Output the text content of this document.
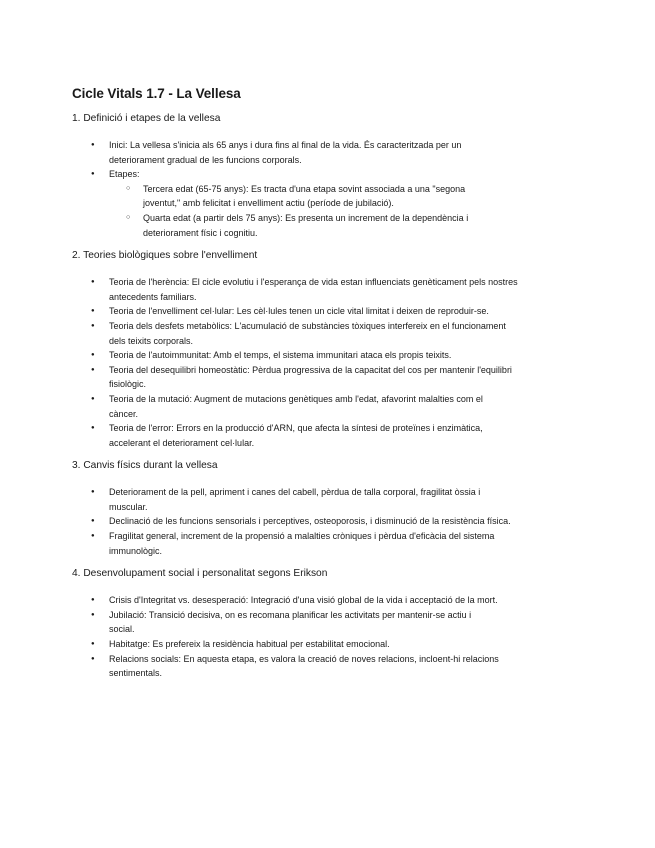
Cicle Vitals 1.7 - La Vellesa
1. Definició i etapes de la vellesa
● Inici: La vellesa s'inicia als 65 anys i dura fins al final de la vida. És caracteritzada per un deteriorament gradual de les funcions corporals.
● Etapes:
○ Tercera edat (65-75 anys): Es tracta d'una etapa sovint associada a una "segona joventut," amb felicitat i envelliment actiu (període de jubilació).
○ Quarta edat (a partir dels 75 anys): Es presenta un increment de la dependència i deteriorament físic i cognitiu.
2. Teories biològiques sobre l'envelliment
● Teoria de l'herència: El cicle evolutiu i l'esperança de vida estan influenciats genèticament pels nostres antecedents familiars.
● Teoria de l'envelliment cel·lular: Les cèl·lules tenen un cicle vital limitat i deixen de reproduir-se.
● Teoria dels desfets metabòlics: L'acumulació de substàncies tòxiques interfereix en el funcionament dels teixits corporals.
● Teoria de l'autoimmunitat: Amb el temps, el sistema immunitari ataca els propis teixits.
● Teoria del desequilibri homeostàtic: Pèrdua progressiva de la capacitat del cos per mantenir l'equilibri fisiològic.
● Teoria de la mutació: Augment de mutacions genètiques amb l'edat, afavorint malalties com el càncer.
● Teoria de l'error: Errors en la producció d'ARN, que afecta la síntesi de proteïnes i enzimàtica, accelerant el deteriorament cel·lular.
3. Canvis físics durant la vellesa
● Deteriorament de la pell, apriment i canes del cabell, pèrdua de talla corporal, fragilitat òssia i muscular.
● Declinació de les funcions sensorials i perceptives, osteoporosis, i disminució de la resistència física.
● Fragilitat general, increment de la propensió a malalties cròniques i pèrdua d'eficàcia del sistema immunològic.
4. Desenvolupament social i personalitat segons Erikson
● Crisis d'Integritat vs. desesperació: Integració d'una visió global de la vida i acceptació de la mort.
● Jubilació: Transició decisiva, on es recomana planificar les activitats per mantenir-se actiu i social.
● Habitatge: Es prefereix la residència habitual per estabilitat emocional.
● Relacions socials: En aquesta etapa, es valora la creació de noves relacions, incloent-hi relacions sentimentals.
